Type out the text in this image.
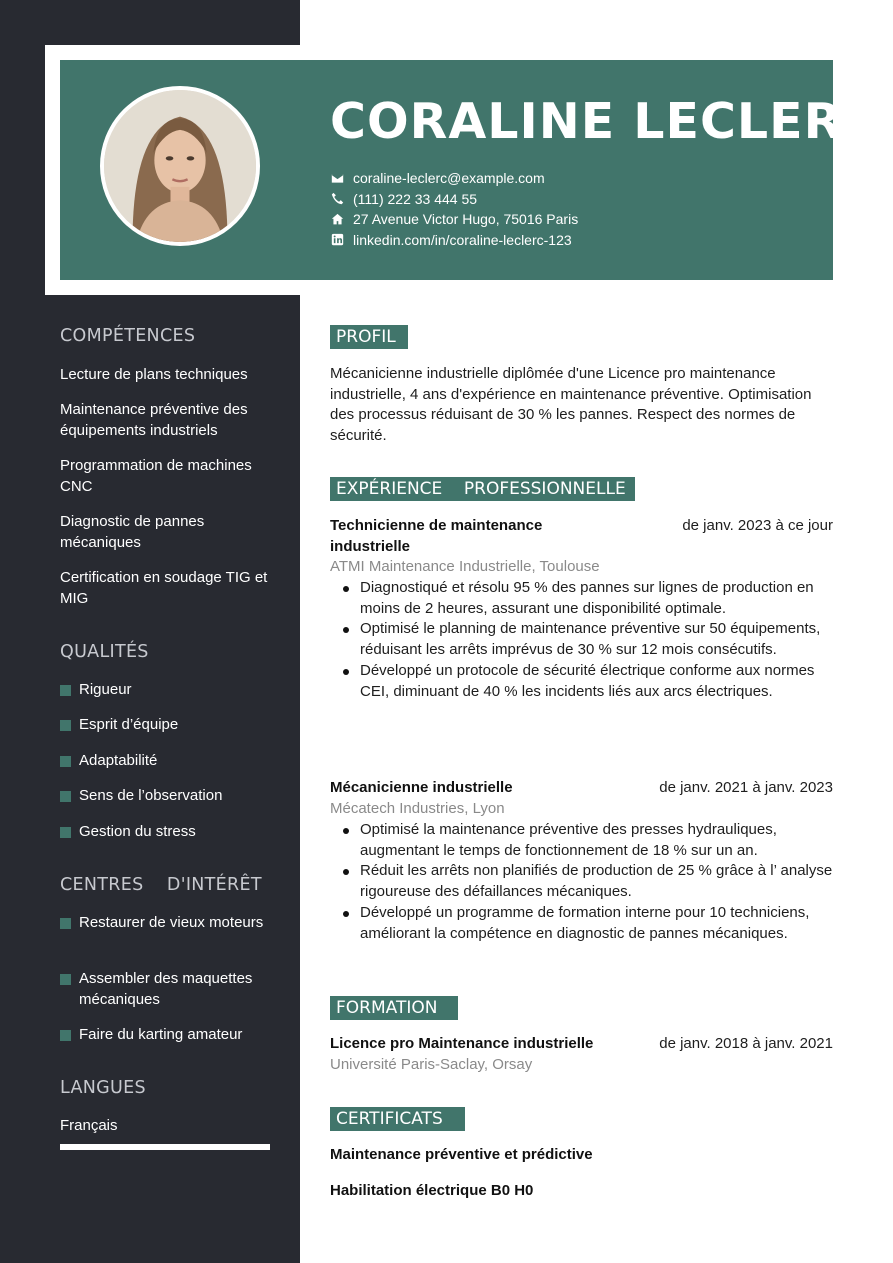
CORALINE LECLERC
coraline-leclerc@example.com
(111) 222 33 444 55
27 Avenue Victor Hugo, 75016 Paris
linkedin.com/in/coraline-leclerc-123
COMPÉTENCES
Lecture de plans techniques
Maintenance préventive des équipements industriels
Programmation de machines CNC
Diagnostic de pannes mécaniques
Certification en soudage TIG et MIG
QUALITÉS
Rigueur
Esprit d’équipe
Adaptabilité
Sens de l’observation
Gestion du stress
CENTRES    D'INTÉRÊT
Restaurer de vieux moteurs
Assembler des maquettes mécaniques
Faire du karting amateur
LANGUES
Français
PROFIL
Mécanicienne industrielle diplômée d'une Licence pro maintenance industrielle, 4 ans d'expérience en maintenance préventive. Optimisation des processus réduisant de 30 % les pannes. Respect des normes de sécurité.
EXPÉRIENCE    PROFESSIONNELLE
Technicienne de maintenance industrielle
de janv. 2023 à ce jour
ATMI Maintenance Industrielle, Toulouse
Diagnostiqué et résolu 95 % des pannes sur lignes de production en moins de 2 heures, assurant une disponibilité optimale.
Optimisé le planning de maintenance préventive sur 50 équipements, réduisant les arrêts imprévus de 30 % sur 12 mois consécutifs.
Développé un protocole de sécurité électrique conforme aux normes CEI, diminuant de 40 % les incidents liés aux arcs électriques.
Mécanicienne industrielle	de janv. 2021 à janv. 2023
Mécatech Industries, Lyon
Optimisé la maintenance préventive des presses hydrauliques, augmentant le temps de fonctionnement de 18 % sur un an.
Réduit les arrêts non planifiés de production de 25 % grâce à l’ analyse rigoureuse des défaillances mécaniques.
Développé un programme de formation interne pour 10 techniciens, améliorant la compétence en diagnostic de pannes mécaniques.
FORMATION
Licence pro Maintenance industrielle	de janv. 2018 à janv. 2021
Université Paris-Saclay, Orsay
CERTIFICATS
Maintenance préventive et prédictive
Habilitation électrique B0 H0
